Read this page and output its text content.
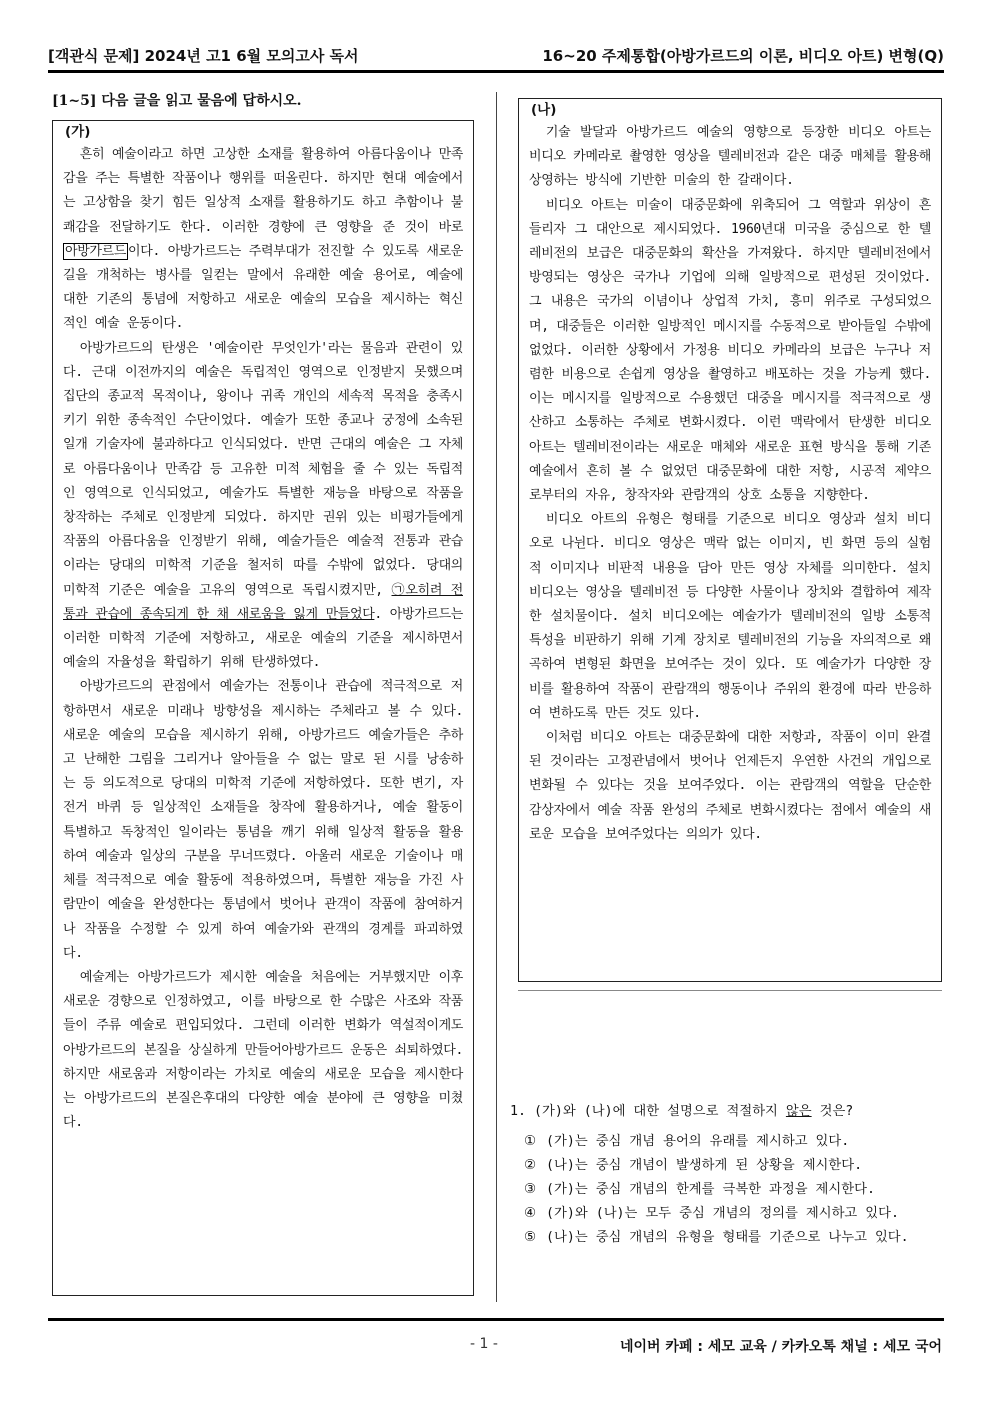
[객관식 문제] 2024년 고1 6월 모의고사 독서	16~20 주제통합(아방가르드의 이론, 비디오 아트) 변형(Q)
[1~5] 다음 글을 읽고 물음에 답하시오.
(가)

흔히 예술이라고 하면 고상한 소재를 활용하여 아름다움이나 만족감을 주는 특별한 작품이나 행위를 떠올린다. 하지만 현대 예술에서는 고상함을 찾기 힘든 일상적 소재를 활용하기도 하고 추함이나 불쾌감을 전달하기도 한다. 이러한 경향에 큰 영향을 준 것이 바로 아방가르드 이다. 아방가르드는 주력부대가 전진할 수 있도록 새로운 길을 개척하는 병사를 일컫는 말에서 유래한 예술 용어로, 예술에 대한 기존의 통념에 저항하고 새로운 예술의 모습을 제시하는 혁신적인 예술 운동이다.

아방가르드의 탄생은 '예술이란 무엇인가'라는 물음과 관련이 있다. 근대 이전까지의 예술은 독립적인 영역으로 인정받지 못했으며 집단의 종교적 목적이나, 왕이나 귀족 개인의 세속적 목적을 충족시키기 위한 종속적인 수단이었다. 예술가 또한 종교나 궁정에 소속된 일개 기술자에 불과하다고 인식되었다. 반면 근대의 예술은 그 자체로 아름다움이나 만족감 등 고유한 미적 체험을 줄 수 있는 독립적인 영역으로 인식되었고, 예술가도 특별한 재능을 바탕으로 작품을 창작하는 주체로 인정받게 되었다. 하지만 권위 있는 비평가들에게 작품의 아름다움을 인정받기 위해, 예술가들은 예술적 전통과 관습이라는 당대의 미학적 기준을 철저히 따를 수밖에 없었다. 당대의 미학적 기준은 예술을 고유의 영역으로 독립시켰지만, ㉠오히려 전통과 관습에 종속되게 한 채 새로움을 잃게 만들었다. 아방가르드는 이러한 미학적 기준에 저항하고, 새로운 예술의 기준을 제시하면서 예술의 자율성을 확립하기 위해 탄생하였다.

아방가르드의 관점에서 예술가는 전통이나 관습에 적극적으로 저항하면서 새로운 미래나 방향성을 제시하는 주체라고 볼 수 있다. 새로운 예술의 모습을 제시하기 위해, 아방가르드 예술가들은 추하고 난해한 그림을 그리거나 알아들을 수 없는 말로 된 시를 낭송하는 등 의도적으로 당대의 미학적 기준에 저항하였다. 또한 변기, 자전거 바퀴 등 일상적인 소재들을 창작에 활용하거나, 예술 활동이 특별하고 독창적인 일이라는 통념을 깨기 위해 일상적 활동을 활용하여 예술과 일상의 구분을 무너뜨렸다. 아울러 새로운 기술이나 매체를 적극적으로 예술 활동에 적용하였으며, 특별한 재능을 가진 사람만이 예술을 완성한다는 통념에서 벗어나 관객이 작품에 참여하거나 작품을 수정할 수 있게 하여 예술가와 관객의 경계를 파괴하였다.

예술계는 아방가르드가 제시한 예술을 처음에는 거부했지만 이후 새로운 경향으로 인정하였고, 이를 바탕으로 한 수많은 사조와 작품들이 주류 예술로 편입되었다. 그런데 이러한 변화가 역설적이게도 아방가르드의 본질을 상실하게 만들어아방가르드 운동은 쇠퇴하였다. 하지만 새로움과 저항이라는 가치로 예술의 새로운 모습을 제시한다는 아방가르드의 본질은후대의 다양한 예술 분야에 큰 영향을 미쳤다.

(나)

기술 발달과 아방가르드 예술의 영향으로 등장한 비디오 아트는 비디오 카메라로 촬영한 영상을 텔레비전과 같은 대중 매체를 활용해 상영하는 방식에 기반한 미술의 한 갈래이다.

비디오 아트는 미술이 대중문화에 위축되어 그 역할과 위상이 흔들리자 그 대안으로 제시되었다. 1960년대 미국을 중심으로 한 텔레비전의 보급은 대중문화의 확산을 가져왔다. 하지만 텔레비전에서 방영되는 영상은 국가나 기업에 의해 일방적으로 편성된 것이었다. 그 내용은 국가의 이념이나 상업적 가치, 흥미 위주로 구성되었으며, 대중들은 이러한 일방적인 메시지를 수동적으로 받아들일 수밖에 없었다. 이러한 상황에서 가정용 비디오 카메라의 보급은 누구나 저렴한 비용으로 손쉽게 영상을 촬영하고 배포하는 것을 가능케 했다. 이는 메시지를 일방적으로 수용했던 대중을 메시지를 적극적으로 생산하고 소통하는 주체로 변화시켰다. 이런 맥락에서 탄생한 비디오 아트는 텔레비전이라는 새로운 매체와 새로운 표현 방식을 통해 기존 예술에서 흔히 볼 수 없었던 대중문화에 대한 저항, 시공적 제약으로부터의 자유, 창작자와 관람객의 상호 소통을 지향한다.

비디오 아트의 유형은 형태를 기준으로 비디오 영상과 설치 비디오로 나뉜다. 비디오 영상은 맥락 없는 이미지, 빈 화면 등의 실험적 이미지나 비판적 내용을 담아 만든 영상 자체를 의미한다. 설치 비디오는 영상을 텔레비전 등 다양한 사물이나 장치와 결합하여 제작한 설치물이다. 설치 비디오에는 예술가가 텔레비전의 일방 소통적 특성을 비판하기 위해 기계 장치로 텔레비전의 기능을 자의적으로 왜곡하여 변형된 화면을 보여주는 것이 있다. 또 예술가가 다양한 장비를 활용하여 작품이 관람객의 행동이나 주위의 환경에 따라 반응하여 변하도록 만든 것도 있다.

이처럼 비디오 아트는 대중문화에 대한 저항과, 작품이 이미 완결된 것이라는 고정관념에서 벗어나 언제든지 우연한 사건의 개입으로 변화될 수 있다는 것을 보여주었다. 이는 관람객의 역할을 단순한 감상자에서 예술 작품 완성의 주체로 변화시켰다는 점에서 예술의 새로운 모습을 보여주었다는 의의가 있다.

1. (가)와 (나)에 대한 설명으로 적절하지 않은 것은?
① (가)는 중심 개념 용어의 유래를 제시하고 있다.
② (나)는 중심 개념이 발생하게 된 상황을 제시한다.
③ (가)는 중심 개념의 한계를 극복한 과정을 제시한다.
④ (가)와 (나)는 모두 중심 개념의 정의를 제시하고 있다.
⑤ (나)는 중심 개념의 유형을 형태를 기준으로 나누고 있다.
- 1 -	네이버 카페 : 세모 교육 / 카카오톡 채널 : 세모 국어
